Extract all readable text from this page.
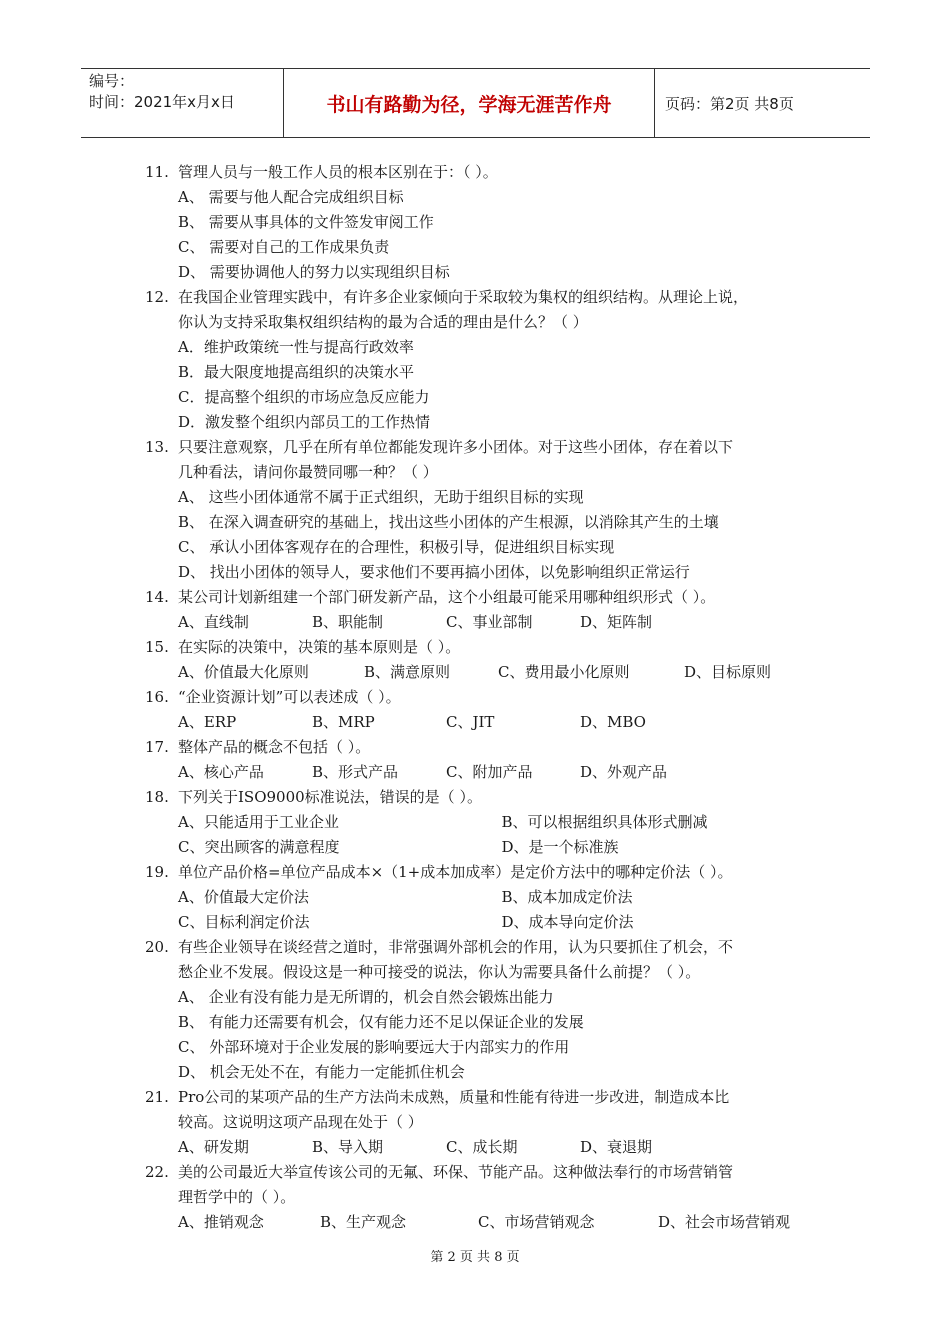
编号：
时间：2021年x月x日	书山有路勤为径，学海无涯苦作舟	页码：第2页 共8页
11. 管理人员与一般工作人员的根本区别在于：（ ）。
A、 需要与他人配合完成组织目标
B、 需要从事具体的文件签发审阅工作
C、 需要对自己的工作成果负责
D、 需要协调他人的努力以实现组织目标
12. 在我国企业管理实践中，有许多企业家倾向于采取较为集权的组织结构。从理论上说，
你认为支持采取集权组织结构的最为合适的理由是什么？（ ）
A．维护政策统一性与提高行政效率
B．最大限度地提高组织的决策水平
C．提高整个组织的市场应急反应能力
D．激发整个组织内部员工的工作热情
13. 只要注意观察，几乎在所有单位都能发现许多小团体。对于这些小团体，存在着以下
几种看法，请问你最赞同哪一种？（ ）
A、 这些小团体通常不属于正式组织，无助于组织目标的实现
B、 在深入调查研究的基础上，找出这些小团体的产生根源，以消除其产生的土壤
C、 承认小团体客观存在的合理性，积极引导，促进组织目标实现
D、 找出小团体的领导人，要求他们不要再搞小团体，以免影响组织正常运行
14. 某公司计划新组建一个部门研发新产品，这个小组最可能采用哪种组织形式（ ）。
A、直线制	B、职能制	C、事业部制	D、矩阵制
15. 在实际的决策中，决策的基本原则是（ ）。
A、价值最大化原则	B、满意原则	C、费用最小化原则	D、目标原则
16. “企业资源计划”可以表述成（ ）。
A、ERP	B、MRP	C、JIT	D、MBO
17. 整体产品的概念不包括（ ）。
A、核心产品	B、形式产品	C、附加产品	D、外观产品
18. 下列关于ISO9000标准说法，错误的是（ ）。
A、只能适用于工业企业	B、可以根据组织具体形式删减
C、突出顾客的满意程度	D、是一个标准族
19. 单位产品价格=单位产品成本×（1+成本加成率）是定价方法中的哪种定价法（ ）。
A、价值最大定价法	B、成本加成定价法
C、目标利润定价法	D、成本导向定价法
20. 有些企业领导在谈经营之道时，非常强调外部机会的作用，认为只要抓住了机会，不
愁企业不发展。假设这是一种可接受的说法，你认为需要具备什么前提？（ ）。
A、 企业有没有能力是无所谓的，机会自然会锻炼出能力
B、 有能力还需要有机会，仅有能力还不足以保证企业的发展
C、 外部环境对于企业发展的影响要远大于内部实力的作用
D、 机会无处不在，有能力一定能抓住机会
21. Pro公司的某项产品的生产方法尚未成熟，质量和性能有待进一步改进，制造成本比
较高。这说明这项产品现在处于（ ）
A、研发期	B、导入期	C、成长期	D、衰退期
22. 美的公司最近大举宣传该公司的无氟、环保、节能产品。这种做法奉行的市场营销管
理哲学中的（ ）。
A、推销观念	B、生产观念	C、市场营销观念	D、社会市场营销观
第 2 页 共 8 页
